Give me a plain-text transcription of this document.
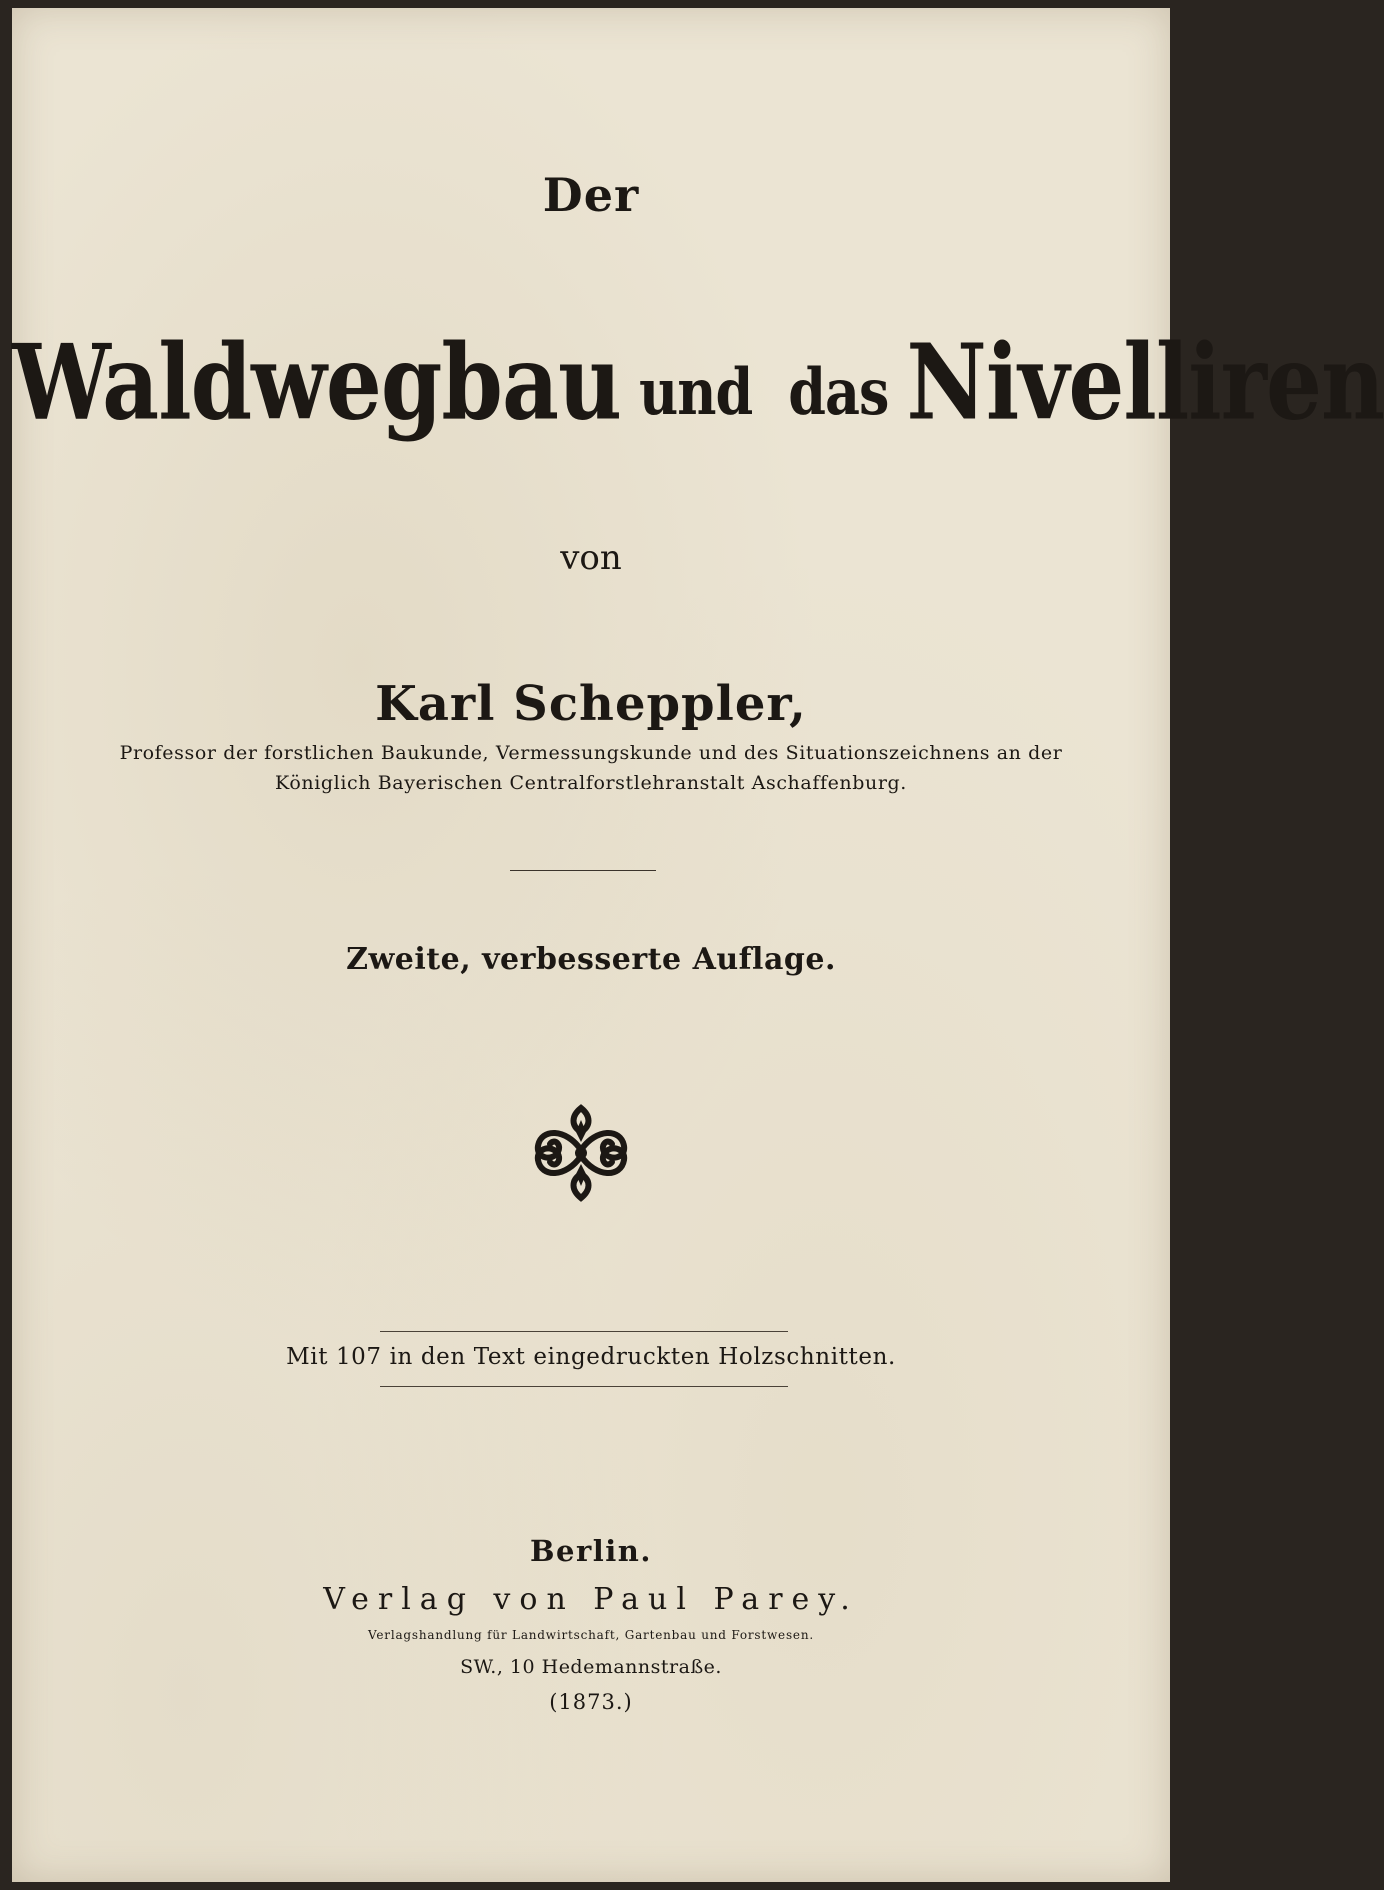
Der
Waldwegbau und das Nivelliren
von
Karl Scheppler,
Professor der forstlichen Baukunde, Vermessungskunde und des Situationszeichnens an der
Königlich Bayerischen Centralforstlehranstalt Aschaffenburg.
Zweite, verbesserte Auflage.
Mit 107 in den Text eingedruckten Holzschnitten.
Berlin.
Verlag von Paul Parey.
Verlagshandlung für Landwirtschaft, Gartenbau und Forstwesen.
SW., 10 Hedemannstraße.
(1873.)
